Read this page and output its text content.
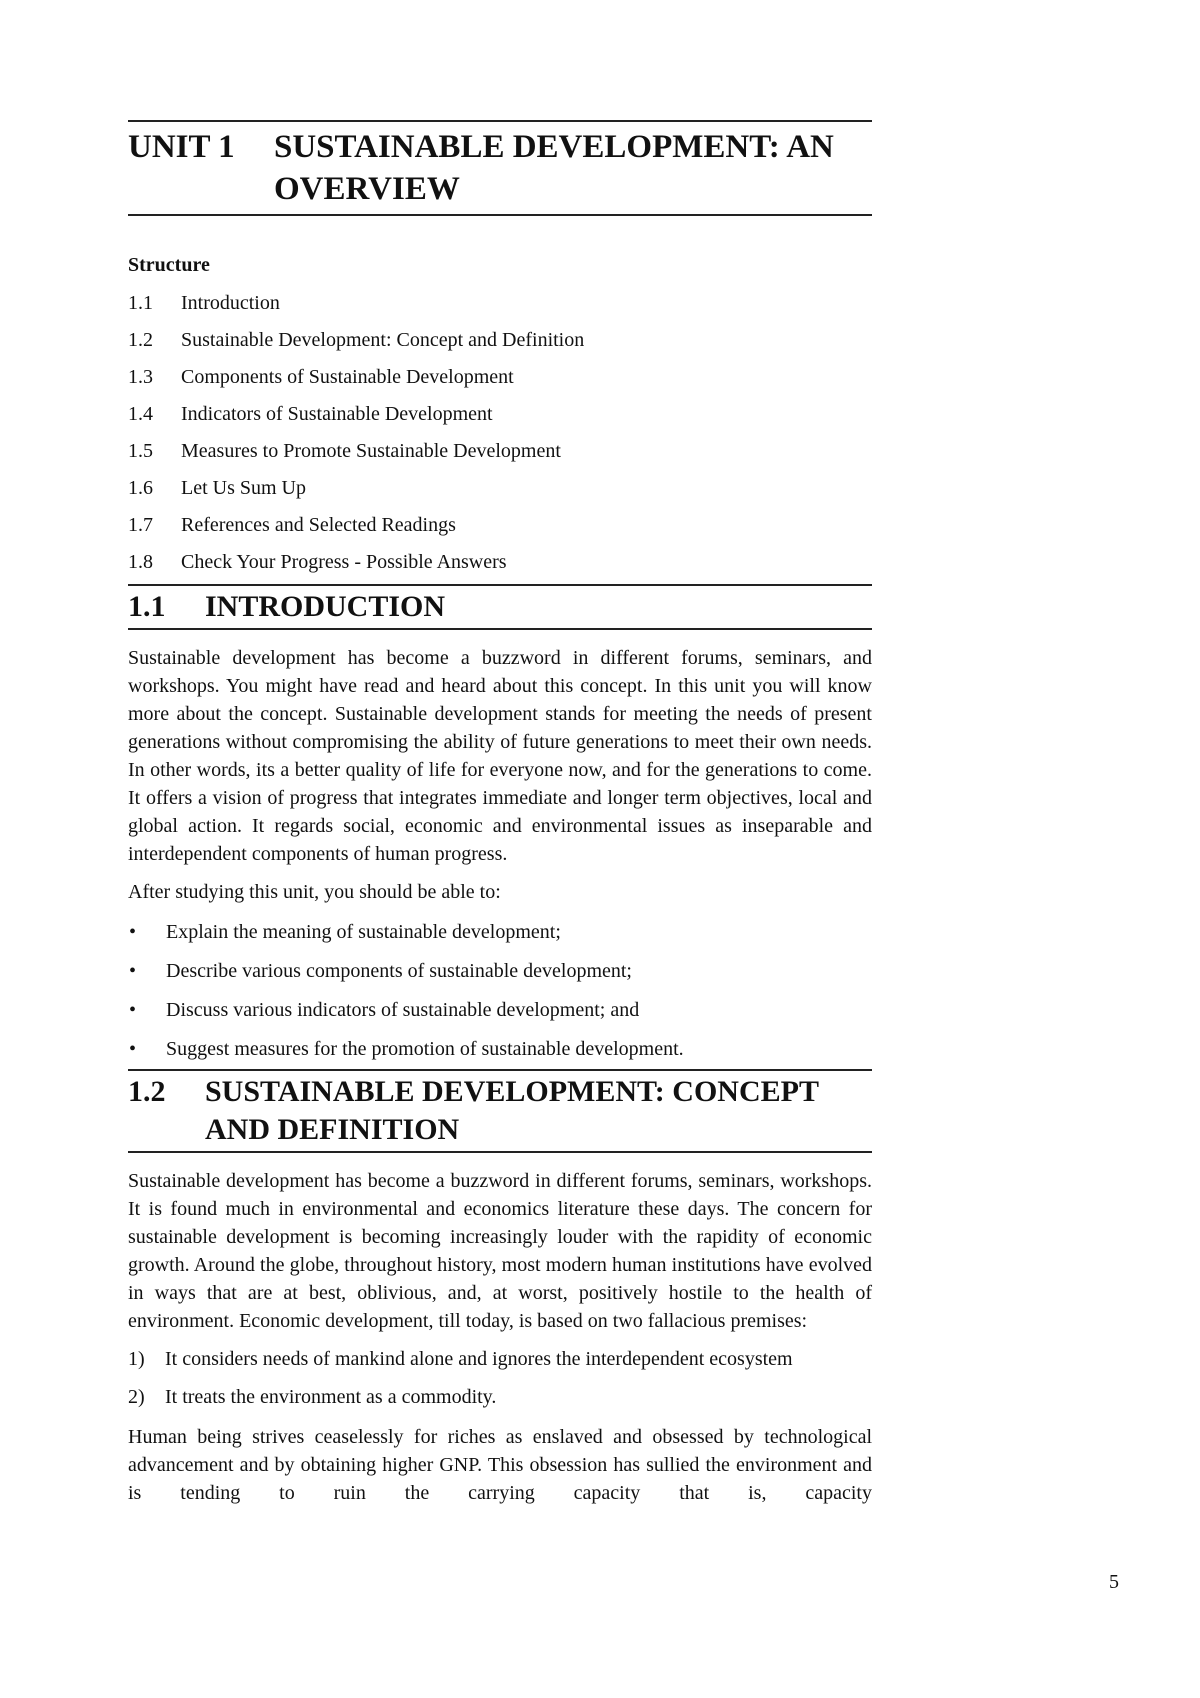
UNIT 1	SUSTAINABLE DEVELOPMENT: AN
OVERVIEW
Structure
1.1	Introduction
1.2	Sustainable Development: Concept and Definition
1.3	Components of Sustainable Development
1.4	Indicators of Sustainable Development
1.5	Measures to Promote Sustainable Development
1.6	Let Us Sum Up
1.7	References and Selected Readings
1.8	Check Your Progress - Possible Answers
1.1	INTRODUCTION

Sustainable development has become a buzzword in different forums, seminars, and workshops. You might have read and heard about this concept. In this unit you will know more about the concept. Sustainable development stands for meeting the needs of present generations without compromising the ability of future generations to meet their own needs. In other words, its a better quality of life for everyone now, and for the generations to come. It offers a vision of progress that integrates immediate and longer term objectives, local and global action. It regards social, economic and environmental issues as inseparable and interdependent components of human progress.

After studying this unit, you should be able to:

•	Explain the meaning of sustainable development;
•	Describe various components of sustainable development;
•	Discuss various indicators of sustainable development; and
•	Suggest measures for the promotion of sustainable development.
1.2	SUSTAINABLE DEVELOPMENT: CONCEPT
AND DEFINITION

Sustainable development has become a buzzword in different forums, seminars, workshops. It is found much in environmental and economics literature these days. The concern for sustainable development is becoming increasingly louder with the rapidity of economic growth. Around the globe, throughout history, most modern human institutions have evolved in ways that are at best, oblivious, and, at worst, positively hostile to the health of environment. Economic development, till today, is based on two fallacious premises:

1)	It considers needs of mankind alone and ignores the interdependent ecosystem
2)	It treats the environment as a commodity.

Human being strives ceaselessly for riches as enslaved and obsessed by technological advancement and by obtaining higher GNP. This obsession has sullied the environment and is tending to ruin the carrying capacity that is, capacity

5
